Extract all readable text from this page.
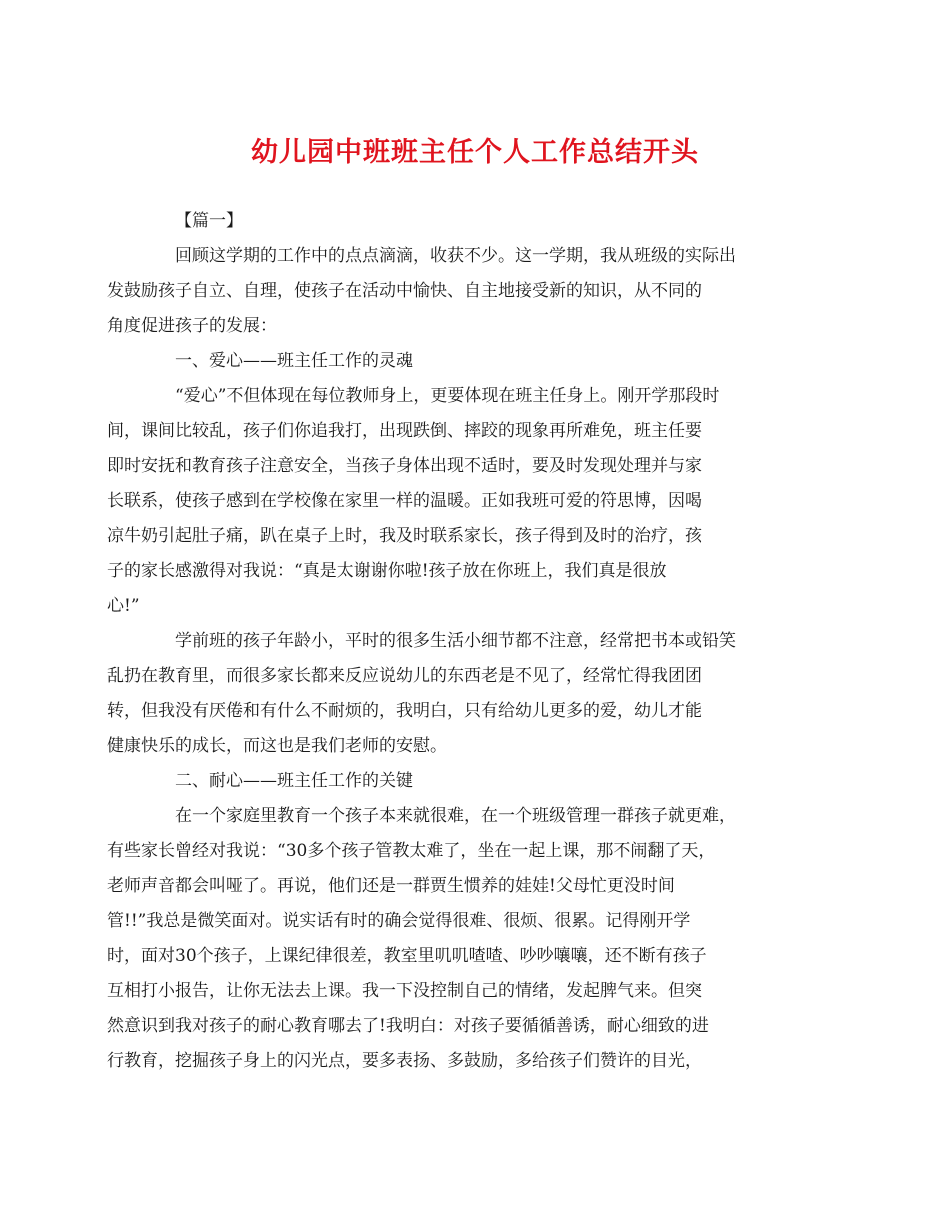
幼儿园中班班主任个人工作总结开头

【篇一】

回顾这学期的工作中的点点滴滴，收获不少。这一学期，我从班级的实际出
发鼓励孩子自立、自理，使孩子在活动中愉快、自主地接受新的知识，从不同的
角度促进孩子的发展：

一、爱心——班主任工作的灵魂

“爱心”不但体现在每位教师身上，更要体现在班主任身上。刚开学那段时
间，课间比较乱，孩子们你追我打，出现跌倒、摔跤的现象再所难免，班主任要
即时安抚和教育孩子注意安全，当孩子身体出现不适时，要及时发现处理并与家
长联系，使孩子感到在学校像在家里一样的温暖。正如我班可爱的符思博，因喝
凉牛奶引起肚子痛，趴在桌子上时，我及时联系家长，孩子得到及时的治疗，孩
子的家长感激得对我说：“真是太谢谢你啦!孩子放在你班上，我们真是很放
心!”

学前班的孩子年龄小，平时的很多生活小细节都不注意，经常把书本或铅笑
乱扔在教育里，而很多家长都来反应说幼儿的东西老是不见了，经常忙得我团团
转，但我没有厌倦和有什么不耐烦的，我明白，只有给幼儿更多的爱，幼儿才能
健康快乐的成长，而这也是我们老师的安慰。

二、耐心——班主任工作的关键

在一个家庭里教育一个孩子本来就很难，在一个班级管理一群孩子就更难，
有些家长曾经对我说：“30多个孩子管教太难了，坐在一起上课，那不闹翻了天，
老师声音都会叫哑了。再说，他们还是一群贾生惯养的娃娃!父母忙更没时间
管!!”我总是微笑面对。说实话有时的确会觉得很难、很烦、很累。记得刚开学
时，面对30个孩子，上课纪律很差，教室里叽叽喳喳、吵吵嚷嚷，还不断有孩子
互相打小报告，让你无法去上课。我一下没控制自己的情绪，发起脾气来。但突
然意识到我对孩子的耐心教育哪去了!我明白：对孩子要循循善诱，耐心细致的进
行教育，挖掘孩子身上的闪光点，要多表扬、多鼓励，多给孩子们赞许的目光，
